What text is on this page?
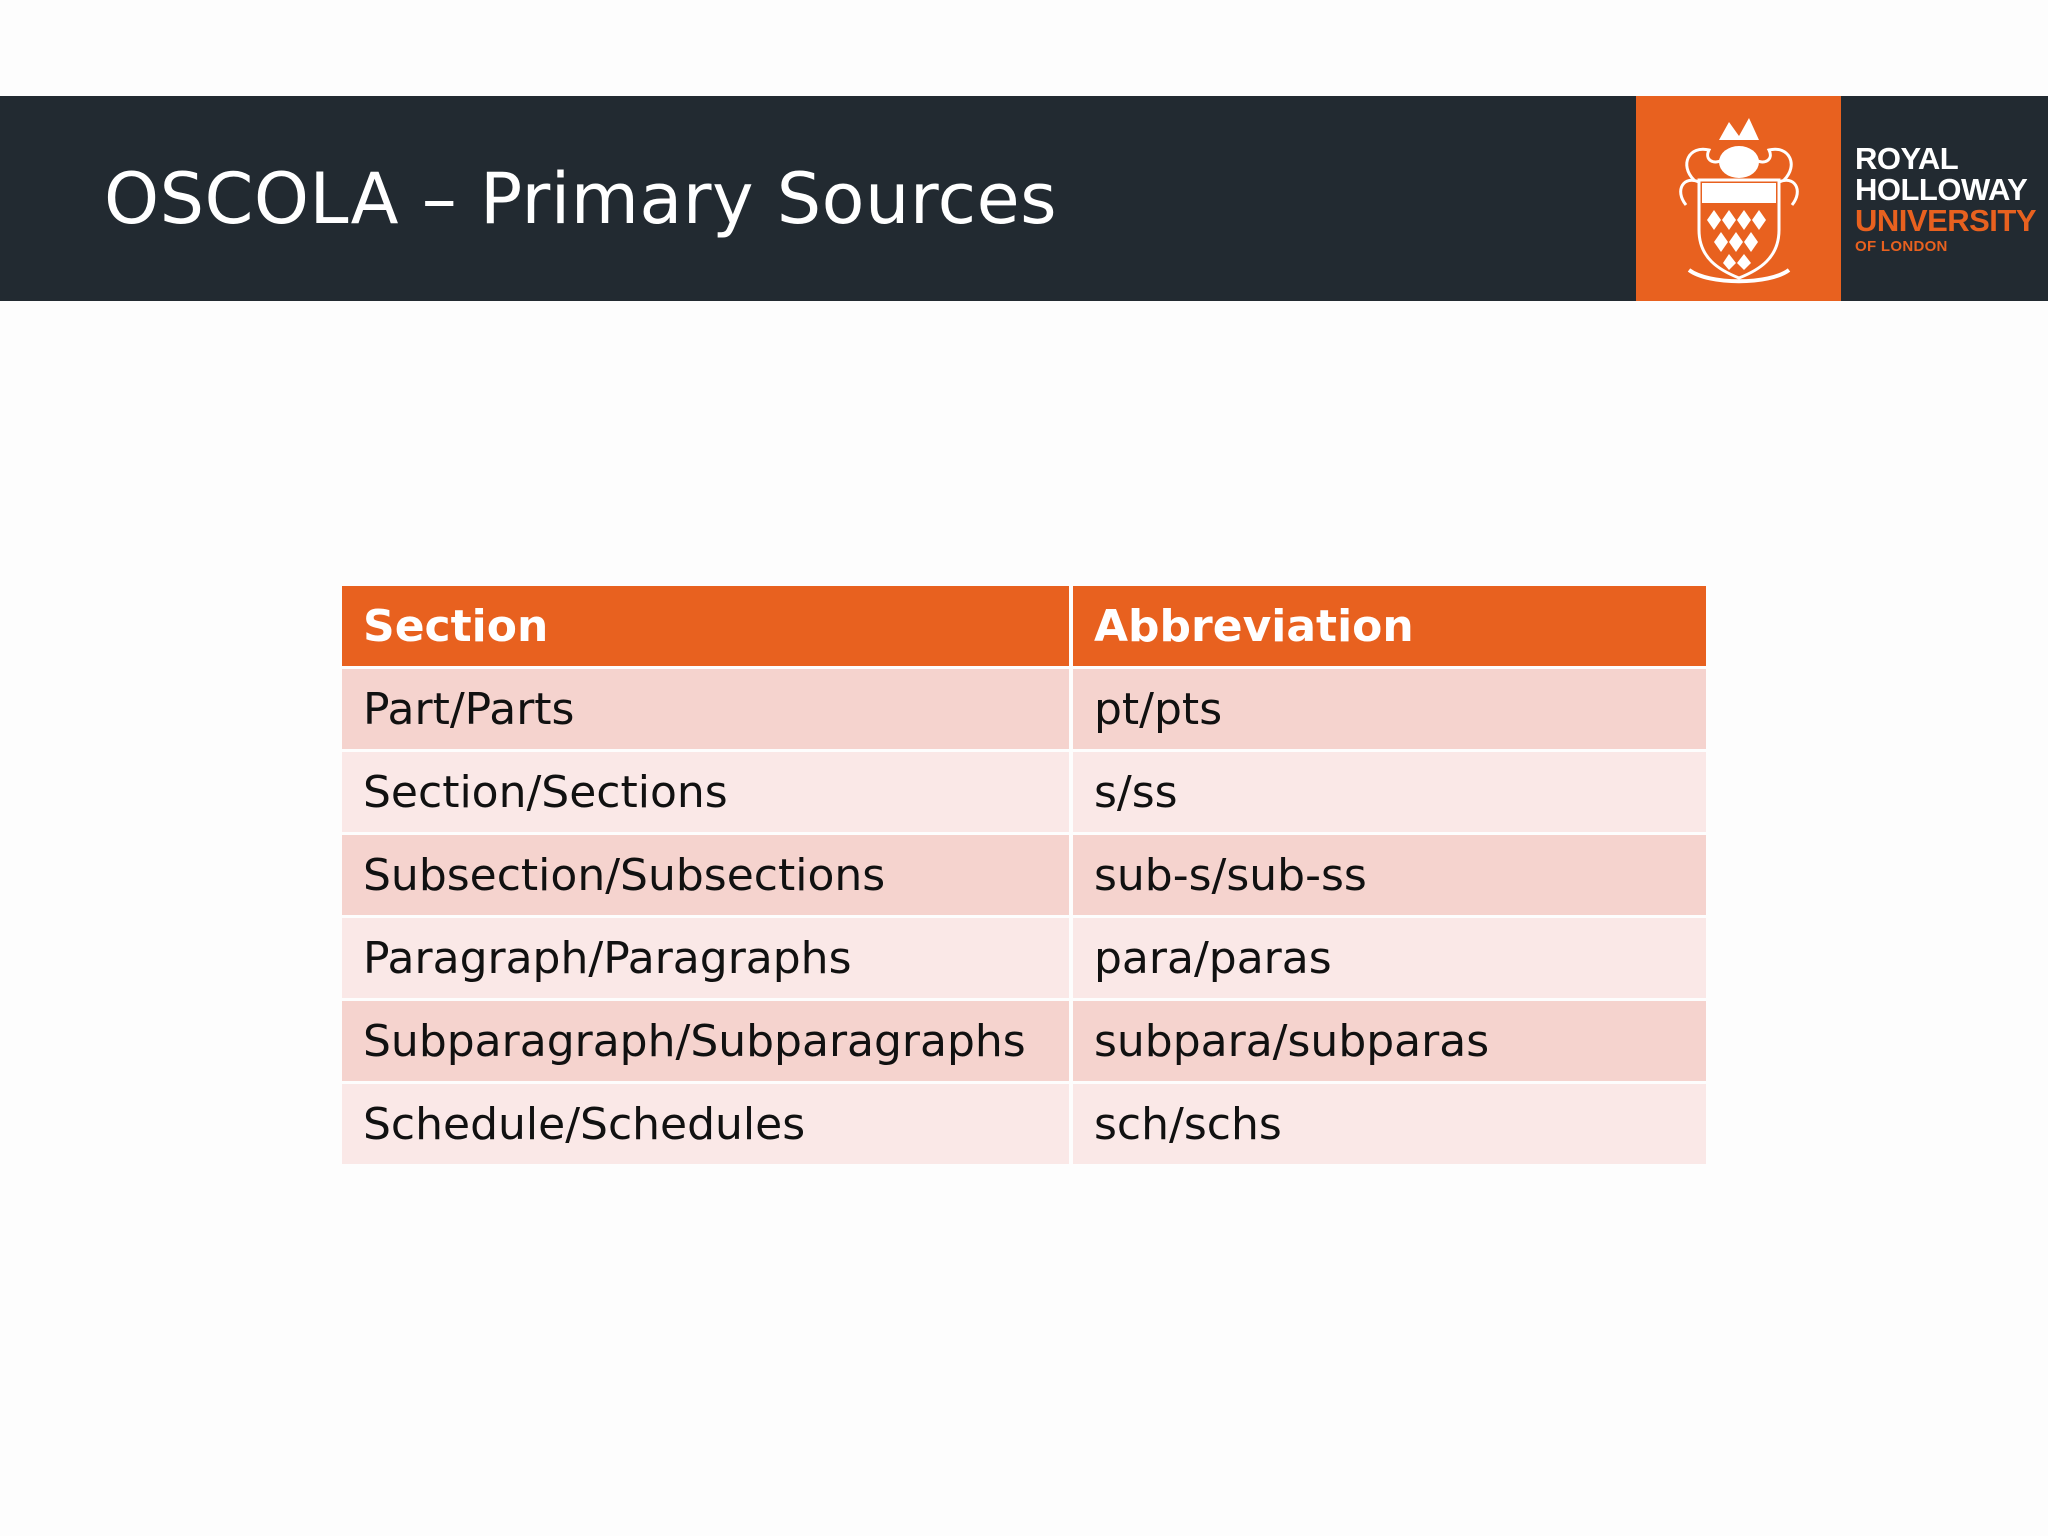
OSCOLA – Primary Sources	ROYAL
HOLLOWAY
UNIVERSITY
OF LONDON
Section	Abbreviation
Part/Parts	pt/pts
Section/Sections	s/ss
Subsection/Subsections	sub-s/sub-ss
Paragraph/Paragraphs	para/paras
Subparagraph/Subparagraphs	subpara/subparas
Schedule/Schedules	sch/schs
